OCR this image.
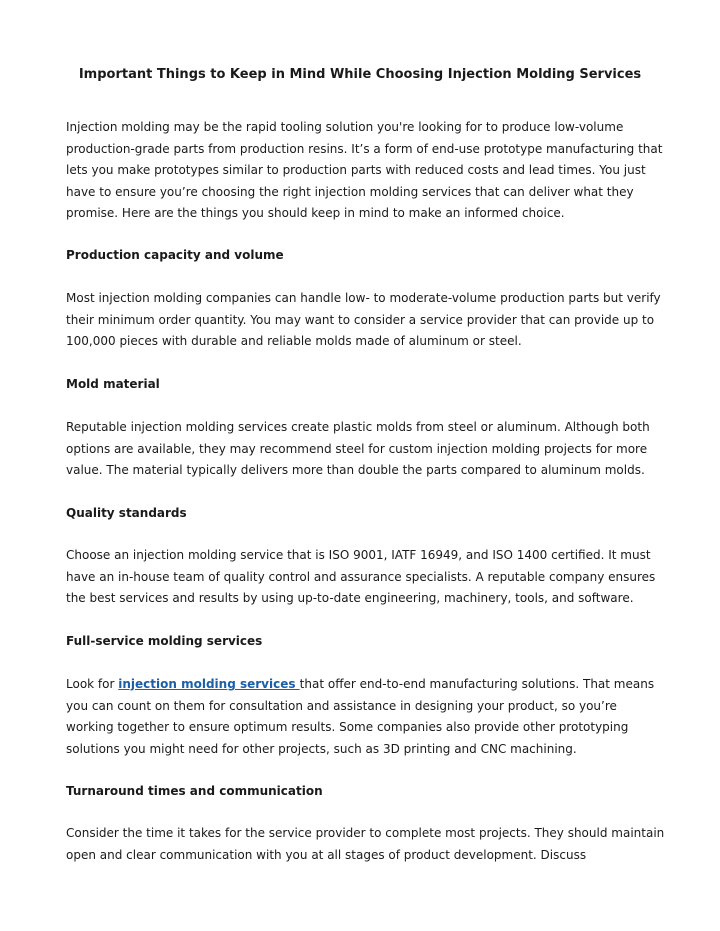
Important Things to Keep in Mind While Choosing Injection Molding Services

Injection molding may be the rapid tooling solution you're looking for to produce low-volume production-grade parts from production resins. It’s a form of end-use prototype manufacturing that lets you make prototypes similar to production parts with reduced costs and lead times. You just have to ensure you’re choosing the right injection molding services that can deliver what they promise. Here are the things you should keep in mind to make an informed choice.

Production capacity and volume

Most injection molding companies can handle low- to moderate-volume production parts but verify their minimum order quantity. You may want to consider a service provider that can provide up to 100,000 pieces with durable and reliable molds made of aluminum or steel.

Mold material

Reputable injection molding services create plastic molds from steel or aluminum. Although both options are available, they may recommend steel for custom injection molding projects for more value. The material typically delivers more than double the parts compared to aluminum molds.

Quality standards

Choose an injection molding service that is ISO 9001, IATF 16949, and ISO 1400 certified. It must have an in-house team of quality control and assurance specialists. A reputable company ensures the best services and results by using up-to-date engineering, machinery, tools, and software.

Full-service molding services

Look for injection molding services that offer end-to-end manufacturing solutions. That means you can count on them for consultation and assistance in designing your product, so you’re working together to ensure optimum results. Some companies also provide other prototyping solutions you might need for other projects, such as 3D printing and CNC machining.

Turnaround times and communication

Consider the time it takes for the service provider to complete most projects. They should maintain open and clear communication with you at all stages of product development. Discuss
